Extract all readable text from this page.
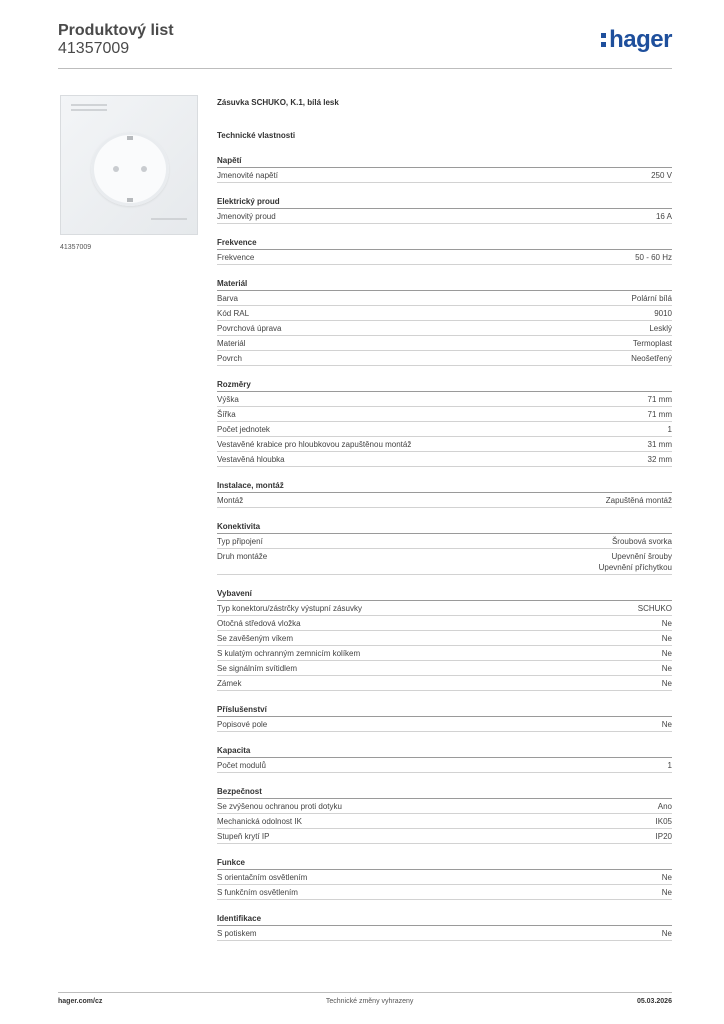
Produktový list
41357009	hager
41357009
Zásuvka SCHUKO, K.1, bílá lesk
Technické vlastnosti
Napětí
Jmenovité napětí	250 V
Elektrický proud
Jmenovitý proud	16 A
Frekvence
Frekvence	50 - 60 Hz
Materiál
Barva	Polární bílá
Kód RAL	9010
Povrchová úprava	Lesklý
Materiál	Termoplast
Povrch	Neošetřený
Rozměry
Výška	71 mm
Šířka	71 mm
Počet jednotek	1
Vestavěné krabice pro hloubkovou zapuštěnou montáž	31 mm
Vestavěná hloubka	32 mm
Instalace, montáž
Montáž	Zapuštěná montáž
Konektivita
Typ připojení	Šroubová svorka
Druh montáže	Upevnění šrouby
Upevnění příchytkou
Vybavení
Typ konektoru/zástrčky výstupní zásuvky	SCHUKO
Otočná středová vložka	Ne
Se zavěšeným víkem	Ne
S kulatým ochranným zemnicím kolíkem	Ne
Se signálním svítidlem	Ne
Zámek	Ne
Příslušenství
Popisové pole	Ne
Kapacita
Počet modulů	1
Bezpečnost
Se zvýšenou ochranou proti dotyku	Ano
Mechanická odolnost IK	IK05
Stupeň krytí IP	IP20
Funkce
S orientačním osvětlením	Ne
S funkčním osvětlením	Ne
Identifikace
S potiskem	Ne
hager.com/cz	Technické změny vyhrazeny	05.03.2026
